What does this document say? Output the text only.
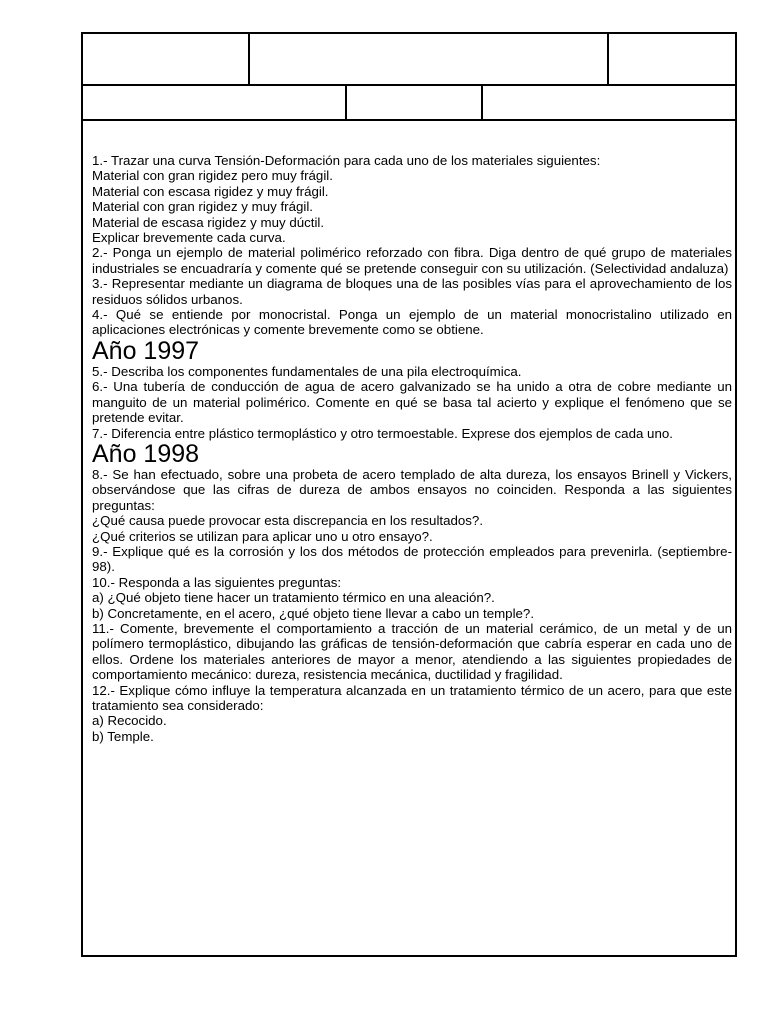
1.- Trazar una curva Tensión-Deformación para cada uno de los materiales siguientes:
Material con gran rigidez pero muy frágil.
Material con escasa rigidez y muy frágil.
Material con gran rigidez y muy frágil.
Material de escasa rigidez y muy dúctil.
Explicar brevemente cada curva.

2.- Ponga un ejemplo de material polimérico reforzado con fibra. Diga dentro de qué grupo de materiales industriales se encuadraría y comente qué se pretende conseguir con su utilización. (Selectividad andaluza)

3.- Representar mediante un diagrama de bloques una de las posibles vías para el aprovechamiento de los residuos sólidos urbanos.

4.- Qué se entiende por monocristal. Ponga un ejemplo de un material monocristalino utilizado en aplicaciones electrónicas y comente brevemente como se obtiene.

Año 1997

5.- Describa los componentes fundamentales de una pila electroquímica.

6.- Una tubería de conducción de agua de acero galvanizado se ha unido a otra de cobre mediante un manguito de un material polimérico. Comente en qué se basa tal acierto y explique el fenómeno que se pretende evitar.

7.- Diferencia entre plástico termoplástico y otro termoestable. Exprese dos ejemplos de cada uno.

Año 1998

8.- Se han efectuado, sobre una probeta de acero templado de alta dureza, los ensayos Brinell y Vickers, observándose que las cifras de dureza de ambos ensayos no coinciden. Responda a las siguientes preguntas:
¿Qué causa puede provocar esta discrepancia en los resultados?.
¿Qué criterios se utilizan para aplicar uno u otro ensayo?.

9.- Explique qué es la corrosión y los dos métodos de protección empleados para prevenirla. (septiembre-98).

10.- Responda a las siguientes preguntas:
a) ¿Qué objeto tiene hacer un tratamiento térmico en una aleación?.
b) Concretamente, en el acero, ¿qué objeto tiene llevar a cabo un temple?.

11.- Comente, brevemente el comportamiento a tracción de un material cerámico, de un metal y de un polímero termoplástico, dibujando las gráficas de tensión-deformación que cabría esperar en cada uno de ellos. Ordene los materiales anteriores de mayor a menor, atendiendo a las siguientes propiedades de comportamiento mecánico: dureza, resistencia mecánica, ductilidad y fragilidad.

12.- Explique cómo influye la temperatura alcanzada en un tratamiento térmico de un acero, para que este tratamiento sea considerado:
a) Recocido.
b) Temple.
